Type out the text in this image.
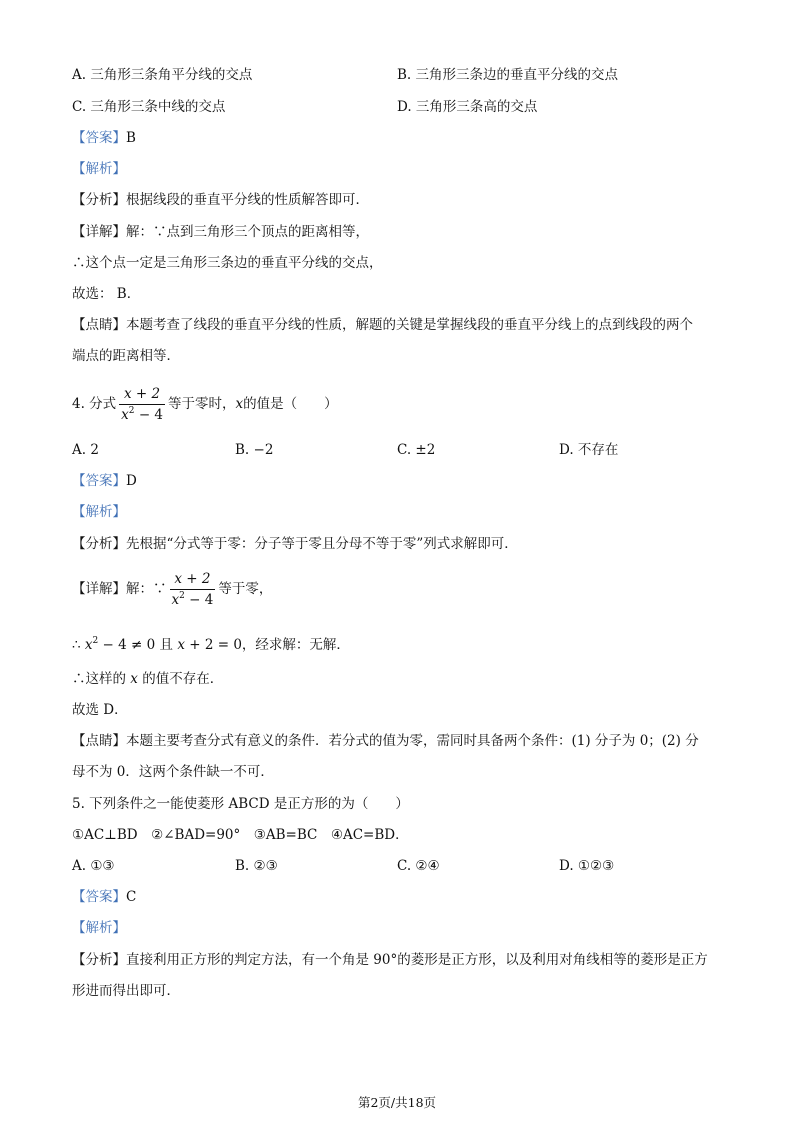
A. 三角形三条角平分线的交点	B. 三角形三条边的垂直平分线的交点
C. 三角形三条中线的交点	D. 三角形三条高的交点
【答案】B
【解析】
【分析】根据线段的垂直平分线的性质解答即可．
【详解】解：∵点到三角形三个顶点的距离相等，
∴这个点一定是三角形三条边的垂直平分线的交点，
故选： B．
【点睛】本题考查了线段的垂直平分线的性质，解题的关键是掌握线段的垂直平分线上的点到线段的两个
端点的距离相等．
4. 分式 $\frac{x + 2}{x^2 - 4}$ 等于零时， x 的值是（　　）
A. 2	B. −2	C. ±2	D. 不存在
【答案】D
【解析】
【分析】先根据“分式等于零：分子等于零且分母不等于零”列式求解即可．
【详解】 解：∵ $\frac{x + 2}{x^2 - 4}$ 等于零，
∴ $x^2 - 4 \ne 0$ 且 x + 2 = 0，经求解：无解．
∴这样的 x 的值不存在．
故选 D．
【点睛】本题主要考查分式有意义的条件．若分式的值为零，需同时具备两个条件：(1) 分子为 0；(2) 分
母不为 0．这两个条件缺一不可．
5. 下列条件之一能使菱形 ABCD 是正方形的为（　　）
①AC⊥BD　②∠BAD=90°　③AB=BC　④AC=BD．
A. ①③	B. ②③	C. ②④	D. ①②③
【答案】C
【解析】
【分析】直接利用正方形的判定方法，有一个角是 90°的菱形是正方形，以及利用对角线相等的菱形是正方
形进而得出即可．
第2页/共18页
